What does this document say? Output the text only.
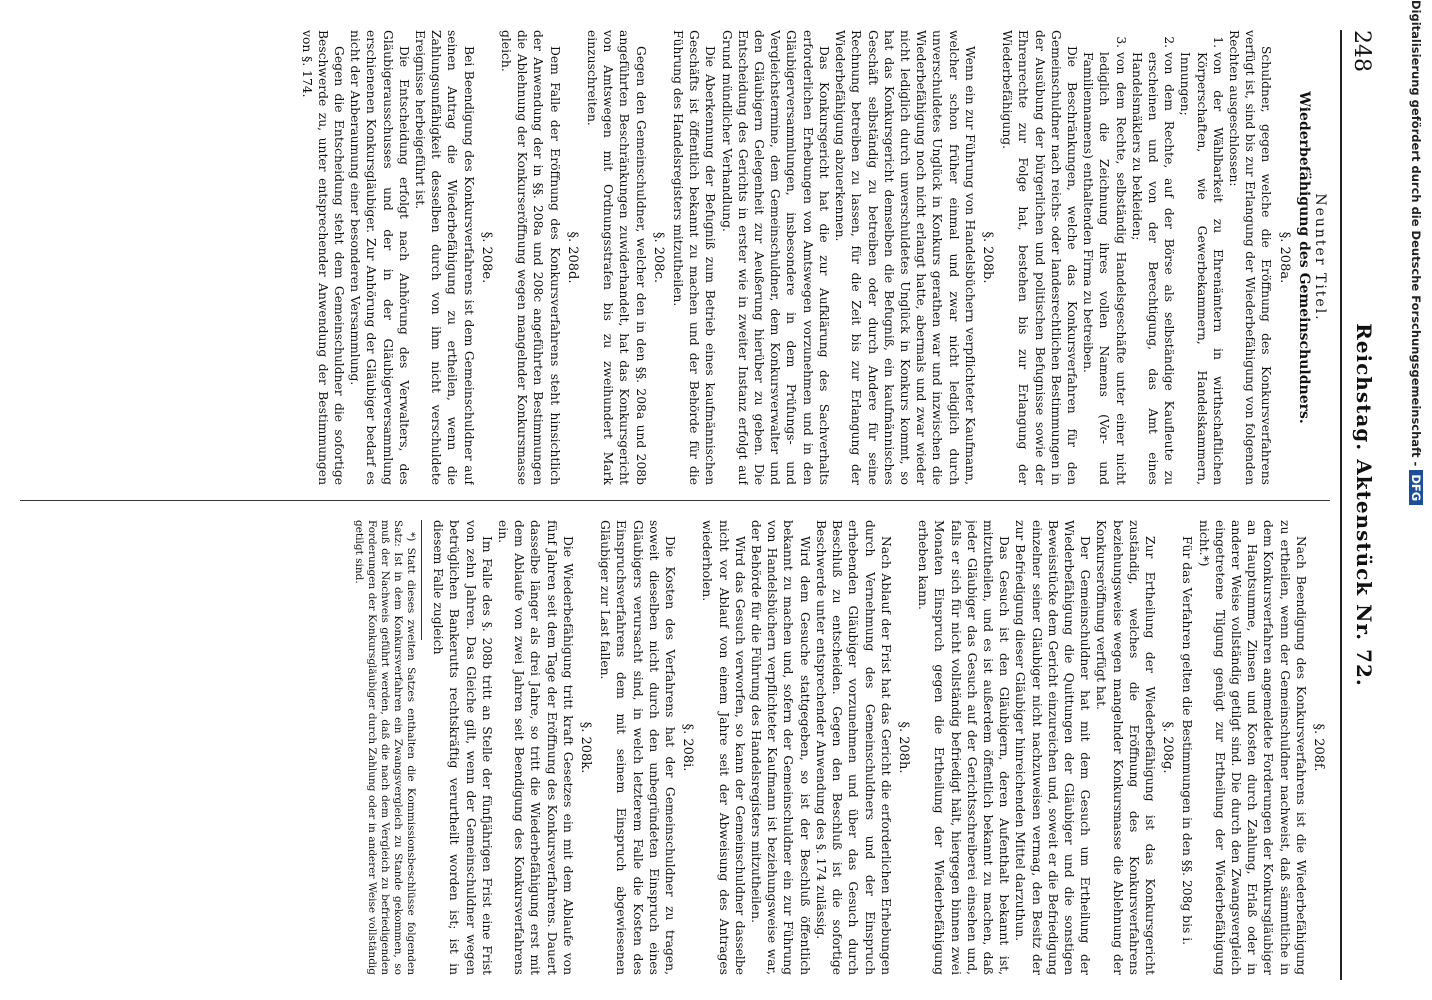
248
Reichstag. Aktenstück Nr. 72.
Neunter Titel.
Wiederbefähigung des Gemeinschuldners.
§. 208a.

Schuldner, gegen welche die Eröffnung des Konkursverfahrens verfügt ist, sind bis zur Erlangung der Wiederbefähigung von folgenden Rechten ausgeschlossen:

1. von der Wählbarkeit zu Ehrenämtern in wirthschaftlichen Körperschaften, wie Gewerbekammern, Handelskammern, Innungen;
2. von dem Rechte, auf der Börse als selbständige Kaufleute zu erscheinen und von der Berechtigung, das Amt eines Handelsmäklers zu bekleiden;
3. von dem Rechte, selbständig Handelsgeschäfte unter einer nicht lediglich die Zeichnung ihres vollen Namens (Vor- und Familiennamens) enthaltenden Firma zu betreiben.

Die Beschränkungen, welche das Konkursverfahren für den Gemeinschuldner nach reichs- oder landesrechtlichen Bestimmungen in der Ausübung der bürgerlichen und politischen Befugnisse sowie der Ehrenrechte zur Folge hat, bestehen bis zur Erlangung der Wiederbefähigung.

§. 208b.

Wenn ein zur Führung von Handelsbüchern verpflichteter Kaufmann, welcher schon früher einmal und zwar nicht lediglich durch unverschuldetes Unglück in Konkurs gerathen war und inzwischen die Wiederbefähigung noch nicht erlangt hatte, abermals und zwar wieder nicht lediglich durch unverschuldetes Unglück in Konkurs kommt, so hat das Konkursgericht demselben die Befugniß, ein kaufmännisches Geschäft selbständig zu betreiben oder durch Andere für seine Rechnung betreiben zu lassen, für die Zeit bis zur Erlangung der Wiederbefähigung abzuerkennen.

Das Konkursgericht hat die zur Aufklärung des Sachverhalts erforderlichen Erhebungen von Amtswegen vorzunehmen und in den Gläubigerversammlungen, insbesondere in dem Prüfungs- und Vergleichstermine, dem Gemeinschuldner, dem Konkursverwalter und den Gläubigern Gelegenheit zur Aeußerung hierüber zu geben. Die Entscheidung des Gerichts in erster wie in zweiter Instanz erfolgt auf Grund mündlicher Verhandlung.

Die Aberkennung der Befugniß zum Betrieb eines kaufmännischen Geschäfts ist öffentlich bekannt zu machen und der Behörde für die Führung des Handelsregisters mitzutheilen.

§. 208c.

Gegen den Gemeinschuldner, welcher den in den §§. 208a und 208b angeführten Beschränkungen zuwiderhandelt, hat das Konkursgericht von Amtswegen mit Ordnungsstrafen bis zu zweihundert Mark einzuschreiten.

§. 208d.

Dem Falle der Eröffnung des Konkursverfahrens steht hinsichtlich der Anwendung der in §§. 208a und 208c angeführten Bestimmungen die Ablehnung der Konkurseröffnung wegen mangelnder Konkursmasse gleich.

§. 208e.

Bei Beendigung des Konkursverfahrens ist dem Gemeinschuldner auf seinen Antrag die Wiederbefähigung zu ertheilen, wenn die Zahlungsunfähigkeit desselben durch von ihm nicht verschuldete Ereignisse herbeigeführt ist.

Die Entscheidung erfolgt nach Anhörung des Verwalters, des Gläubigerausschusses und der in der Gläubigerversammlung erschienenen Konkursgläubiger. Zur Anhörung der Gläubiger bedarf es nicht der Anberaumung einer besonderen Versammlung.

Gegen die Entscheidung steht dem Gemeinschuldner die sofortige Beschwerde zu, unter entsprechender Anwendung der Bestimmungen von §. 174.

§. 208f.

Nach Beendigung des Konkursverfahrens ist die Wiederbefähigung zu ertheilen, wenn der Gemeinschuldner nachweist, daß sämmtliche in dem Konkursverfahren angemeldete Forderungen der Konkursgläubiger an Hauptsumme, Zinsen und Kosten durch Zahlung, Erlaß oder in anderer Weise vollständig getilgt sind. Die durch den Zwangsvergleich eingetretene Tilgung genügt zur Ertheilung der Wiederbefähigung nicht.*)

Für das Verfahren gelten die Bestimmungen in den §§. 208g bis i.

§. 208g.

Zur Ertheilung der Wiederbefähigung ist das Konkursgericht zuständig, welches die Eröffnung des Konkursverfahrens beziehungsweise wegen mangelnder Konkursmasse die Ablehnung der Konkurseröffnung verfügt hat.

Der Gemeinschuldner hat mit dem Gesuch um Ertheilung der Wiederbefähigung die Quittungen der Gläubiger und die sonstigen Beweisstücke dem Gericht einzureichen und, soweit er die Befriedigung einzelner seiner Gläubiger nicht nachzuweisen vermag, den Besitz der zur Befriedigung dieser Gläubiger hinreichenden Mittel darzuthun.

Das Gesuch ist den Gläubigern, deren Aufenthalt bekannt ist, mitzutheilen, und es ist außerdem öffentlich bekannt zu machen, daß jeder Gläubiger das Gesuch auf der Gerichtsschreiberei einsehen und, falls er sich für nicht vollständig befriedigt hält, hiergegen binnen zwei Monaten Einspruch gegen die Ertheilung der Wiederbefähigung erheben kann.

§. 208h.

Nach Ablauf der Frist hat das Gericht die erforderlichen Erhebungen durch Vernehmung des Gemeinschuldners und der Einspruch erhebenden Gläubiger vorzunehmen und über das Gesuch durch Beschluß zu entscheiden. Gegen den Beschluß ist die sofortige Beschwerde unter entsprechender Anwendung des §. 174 zulässig.

Wird dem Gesuche stattgegeben, so ist der Beschluß öffentlich bekannt zu machen und, sofern der Gemeinschuldner ein zur Führung von Handelsbüchern verpflichteter Kaufmann ist beziehungsweise war, der Behörde für die Führung des Handelsregisters mitzutheilen.

Wird das Gesuch verworfen, so kann der Gemeinschuldner dasselbe nicht vor Ablauf von einem Jahre seit der Abweisung des Antrages wiederholen.

§. 208i.

Die Kosten des Verfahrens hat der Gemeinschuldner zu tragen, soweit dieselben nicht durch den unbegründeten Einspruch eines Gläubigers verursacht sind, in welch letzterem Falle die Kosten des Einspruchsverfahrens dem mit seinem Einspruch abgewiesenen Gläubiger zur Last fallen.

§. 208k.

Die Wiederbefähigung tritt kraft Gesetzes ein mit dem Ablaufe von fünf Jahren seit dem Tage der Eröffnung des Konkursverfahrens. Dauert dasselbe länger als drei Jahre, so tritt die Wiederbefähigung erst mit dem Ablaufe von zwei Jahren seit Beendigung des Konkursverfahrens ein.

Im Falle des §. 208b tritt an Stelle der fünfjährigen Frist eine Frist von zehn Jahren. Das Gleiche gilt, wenn der Gemeinschuldner wegen betrüglichen Bankerutts rechtskräftig verurtheilt worden ist; ist in diesem Falle zugleich

*) Statt dieses zweiten Satzes enthalten die Kommissionsbeschlüsse folgenden Satz: Ist in dem Konkursverfahren ein Zwangsvergleich zu Stande gekommen, so muß der Nachweis geführt werden, daß die nach dem Vergleich zu befriedigenden Forderungen der Konkursgläubiger durch Zahlung oder in anderer Weise vollständig getilgt sind.

Digitalisierung gefördert durch die Deutsche Forschungsgemeinschaft -DFG
